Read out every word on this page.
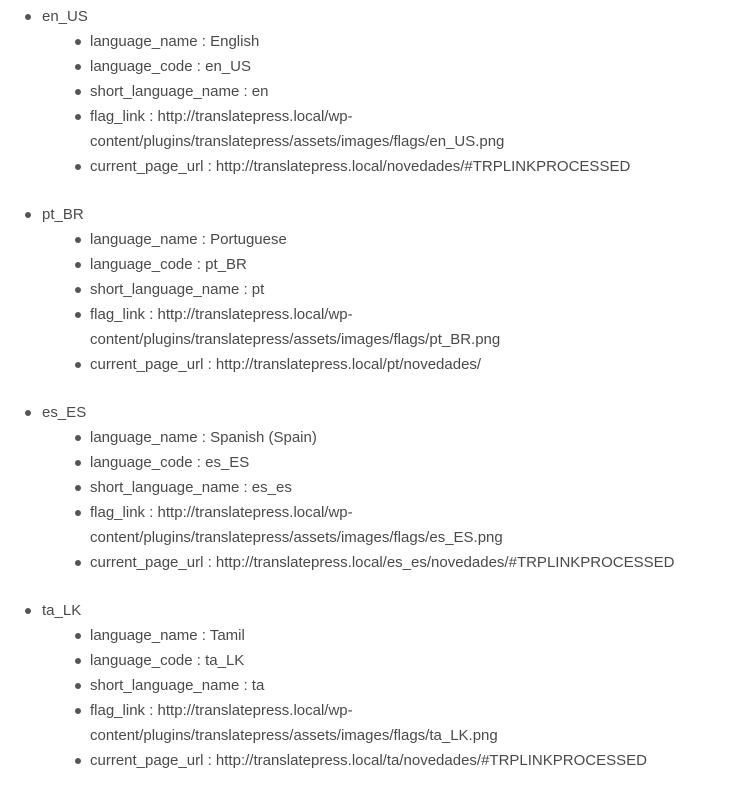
en_US
language_name : English
language_code : en_US
short_language_name : en
flag_link : http://translatepress.local/wp-
content/plugins/translatepress/assets/images/flags/en_US.png
current_page_url : http://translatepress.local/novedades/#TRPLINKPROCESSED
pt_BR
language_name : Portuguese
language_code : pt_BR
short_language_name : pt
flag_link : http://translatepress.local/wp-
content/plugins/translatepress/assets/images/flags/pt_BR.png
current_page_url : http://translatepress.local/pt/novedades/
es_ES
language_name : Spanish (Spain)
language_code : es_ES
short_language_name : es_es
flag_link : http://translatepress.local/wp-
content/plugins/translatepress/assets/images/flags/es_ES.png
current_page_url : http://translatepress.local/es_es/novedades/#TRPLINKPROCESSED
ta_LK
language_name : Tamil
language_code : ta_LK
short_language_name : ta
flag_link : http://translatepress.local/wp-
content/plugins/translatepress/assets/images/flags/ta_LK.png
current_page_url : http://translatepress.local/ta/novedades/#TRPLINKPROCESSED
